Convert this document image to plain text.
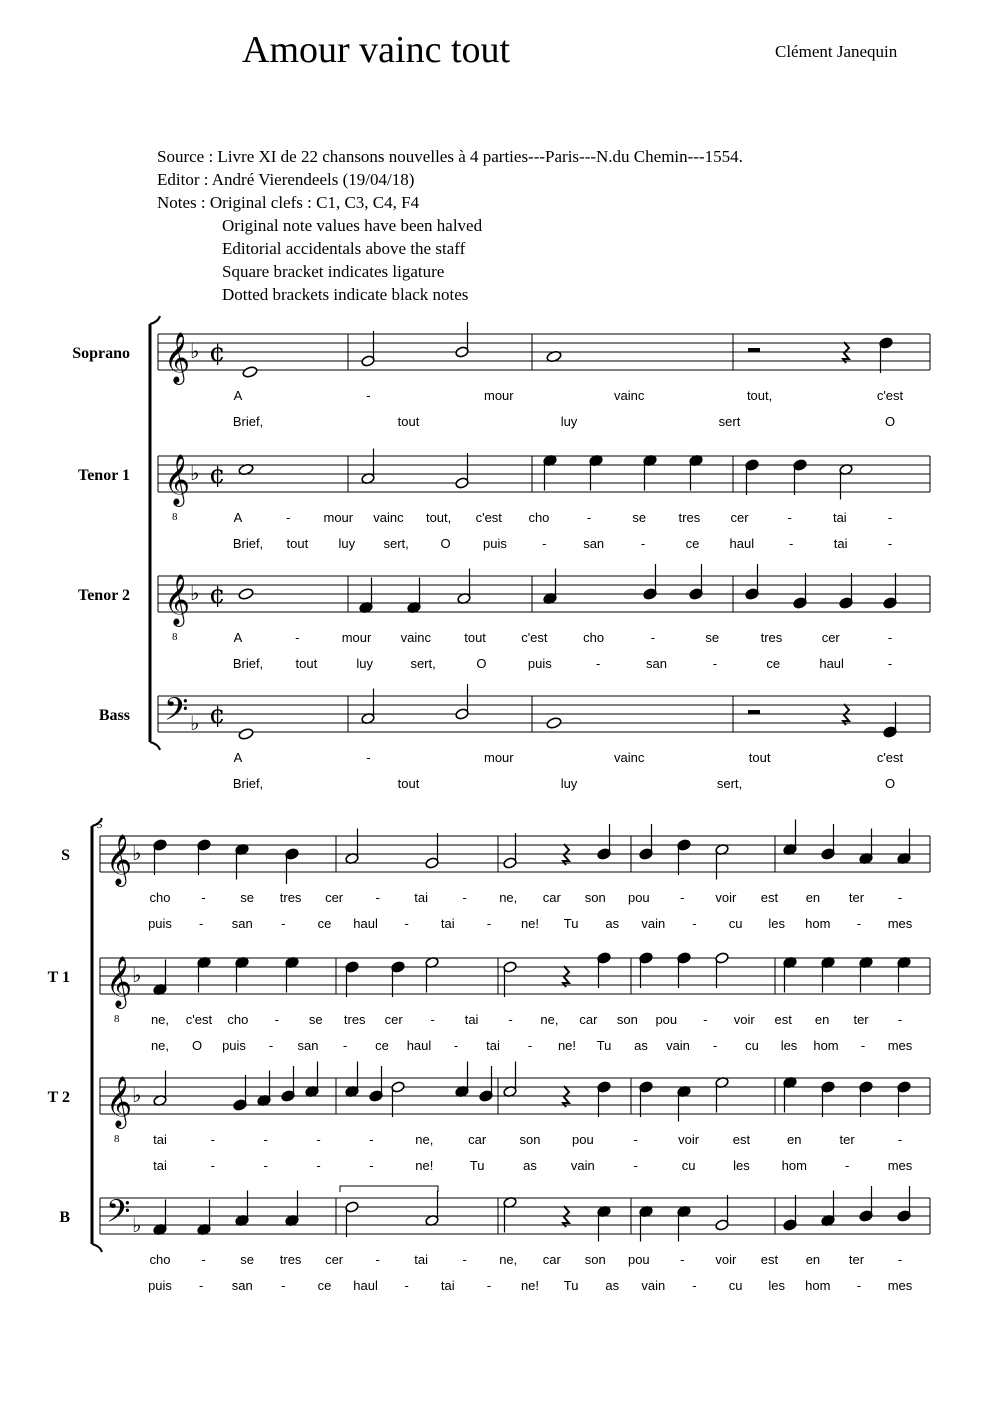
Amour vainc tout	Clément Janequin
Source : Livre XI de 22 chansons nouvelles à 4 parties---Paris---N.du Chemin---1554.
Editor : André Vierendeels (19/04/18)
Notes : Original clefs : C1, C3, C4, F4
Original note values have been halved
Editorial accidentals above the staff
Square bracket indicates ligature
Dotted brackets indicate black notes
𝄞 ♭ ¢
Soprano
A	-	mour	vainc	tout,	c'est
Brief,	tout	luy	sert	O
𝄞
8
♭ ¢
Tenor 1
A	-	mour vainc tout, c'est cho	-	se tres cer	-	tai	-
Brief, tout luy sert, O puis	-	san	-	ce haul	-	tai	-
𝄞
8
♭ ¢
Tenor 2
A	-	mour vainc	tout	c'est	cho	-	se	tres	cer	-
Brief, tout	luy	sert,	O	puis	-	san	-	ce	haul	-
𝄢 ♭ ¢
Bass
A	-	mour	vainc	tout	c'est
Brief,	tout	luy	sert,	O
5
𝄞 ♭
S
cho -	se tres cer -	tai	- ne, car son pou - voir est en ter	-
puis - san - ce haul - tai - ne! Tu as vain - cu les hom - mes
𝄞
8
♭
T 1
ne, c'est cho - se tres cer - tai - ne, car son pou - voir est en ter -
ne, O puis - san - ce haul - tai - ne! Tu as vain - cu les hom - mes
𝄞
8
♭
T 2
tai	-	-	-	-	ne,	car	son pou	-	voir	est	en	ter	-
tai	-	-	-	-	ne!	Tu	as	vain	-	cu	les hom	-	mes
𝄢 ♭
B
cho -	se tres cer -	tai	- ne, car son pou - voir est en ter	-
puis - san - ce haul - tai - ne! Tu as vain - cu les hom - mes
